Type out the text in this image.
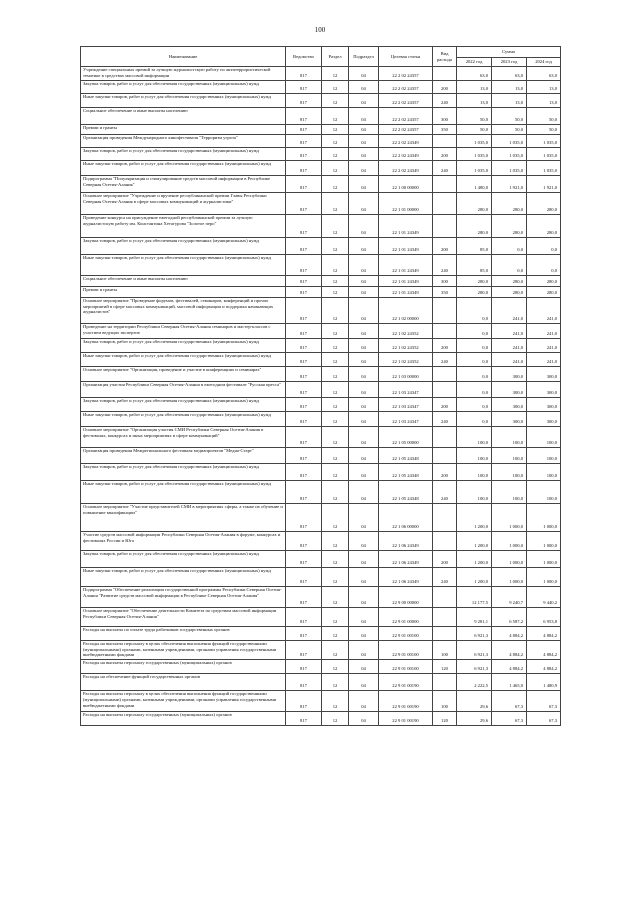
100
Наименование	Ведомство	Раздел	Подраздел	Целевая статья	Вид расхода	Сумма		
						2022 год	2023 год	2024 год
Учреждение специальных премий за лучшую журналистскую работу по антитеррористической тематике в средствах массовой информации	817	12	04	22 2 02 24357		63,0	63,0	63,0
Закупка товаров, работ и услуг для обеспечения государственных (муниципальных) нужд	817	12	04	22 2 02 24357	200	13,0	13,0	13,0
Иные закупки товаров, работ и услуг для обеспечения государственных (муниципальных) нужд	817	12	04	22 2 02 24357	240	13,0	13,0	13,0
Социальное обеспечение и иные выплаты населению	817	12	04	22 2 02 24357	300	50,0	50,0	50,0
Премии и гранты	817	12	04	22 2 02 24357	350	50,0	50,0	50,0
Организация проведения Международного кинофестиваля "Терроризм угроза"	817	12	04	22 2 02 24349		1 035,0	1 035,0	1 035,0
Закупка товаров, работ и услуг для обеспечения государственных (муниципальных) нужд	817	12	04	22 2 02 24349	200	1 035,0	1 035,0	1 035,0
Иные закупки товаров, работ и услуг для обеспечения государственных (муниципальных) нужд	817	12	04	22 2 02 24349	240	1 035,0	1 035,0	1 035,0
Подпрограмма "Популяризация и стимулирование средств массовой информации в Республике Северная Осетия-Алания"	817	12	04	22 1 00 00000		1 480,0	1 921,0	1 921,0
Основное мероприятие "Учреждение и вручение республиканской премии Главы Республики Северная Осетия-Алания в сфере массовых коммуникаций и журналистики"	817	12	04	22 1 01 00000		280,0	280,0	280,0
Проведение конкурса на присуждение ежегодной республиканской премии за лучшую журналистскую работу им. Константина Хетагурова "Золотое перо"	817	12	04	22 1 01 24349		280,0	280,0	280,0
Закупка товаров, работ и услуг для обеспечения государственных (муниципальных) нужд	817	12	04	22 1 01 24349	200	85,0	0,0	0,0
Иные закупки товаров, работ и услуг для обеспечения государственных (муниципальных) нужд	817	12	04	22 1 01 24349	240	85,0	0,0	0,0
Социальное обеспечение и иные выплаты населению	817	12	04	22 1 01 24349	300	280,0	280,0	280,0
Премии и гранты	817	12	04	22 1 01 24349	350	280,0	280,0	280,0
Основное мероприятие "Проведение форумов, фестивалей, семинаров, конференций и прочих мероприятий в сфере массовых коммуникаций, массовой информации и поддержка начинающих журналистов"	817	12	04	22 1 02 00000		0,0	241,0	241,0
Проведение на территории Республики Северная Осетия-Алания семинаров и мастер-классов с участием ведущих экспертов	817	12	04	22 1 02 24352		0,0	241,0	241,0
Закупка товаров, работ и услуг для обеспечения государственных (муниципальных) нужд	817	12	04	22 1 02 24352	200	0,0	241,0	241,0
Иные закупки товаров, работ и услуг для обеспечения государственных (муниципальных) нужд	817	12	04	22 1 02 24352	240	0,0	241,0	241,0
Основное мероприятие "Организация, проведение и участие в конференциях и семинарах"	817	12	04	22 1 03 00000		0,0	300,0	300,0
Организация участия Республики Северная Осетия-Алания в ежегодном фестивале "Русская пресса"	817	12	04	22 1 03 24347		0,0	300,0	300,0
Закупка товаров, работ и услуг для обеспечения государственных (муниципальных) нужд	817	12	04	22 1 03 24347	200	0,0	300,0	300,0
Иные закупки товаров, работ и услуг для обеспечения государственных (муниципальных) нужд	817	12	04	22 1 03 24347	240	0,0	300,0	300,0
Основное мероприятие "Организация участия СМИ Республики Северная Осетия-Алания в фестивалях, конкурсах и иных мероприятиях в сфере коммуникаций"	817	12	04	22 1 05 00000		100,0	100,0	100,0
Организация проведения Межрегионального фестиваля медиапроектов "Медиа-Старт"	817	12	04	22 1 05 24348		100,0	100,0	100,0
Закупка товаров, работ и услуг для обеспечения государственных (муниципальных) нужд	817	12	04	22 1 05 24348	200	100,0	100,0	100,0
Иные закупки товаров, работ и услуг для обеспечения государственных (муниципальных) нужд	817	12	04	22 1 05 24348	240	100,0	100,0	100,0
Основное мероприятие "Участие представителей СМИ в мероприятиях сферы, а также их обучение и повышение квалификации"	817	12	04	22 1 06 00000		1 200,0	1 000,0	1 000,0
Участие средств массовой информации Республики Северная Осетия-Алания в форуме, конкурсах и фестивалях России и Юга	817	12	04	22 1 06 24349		1 200,0	1 000,0	1 000,0
Закупка товаров, работ и услуг для обеспечения государственных (муниципальных) нужд	817	12	04	22 1 06 24349	200	1 200,0	1 000,0	1 000,0
Иные закупки товаров, работ и услуг для обеспечения государственных (муниципальных) нужд	817	12	04	22 1 06 24349	240	1 200,0	1 000,0	1 000,0
Подпрограмма "Обеспечение реализации государственной программы Республики Северная Осетия-Алания "Развитие средств массовой информации в Республике Северная Осетия-Алания"	817	12	04	22 9 00 00000		12 177,5	9 240,7	9 440,2
Основное мероприятие "Обеспечение деятельности Комитета по средствам массовой информации Республики Северная Осетия-Алания"	817	12	04	22 9 01 00000		9 281,1	6 587,2	6 953,8
Расходы на выплаты по оплате труда работников государственных органов	817	12	04	22 9 01 00100		6 921,3	4 884,2	4 884,2
Расходы на выплаты персоналу в целях обеспечения выполнения функций государственными (муниципальными) органами, казенными учреждениями, органами управления государственными внебюджетными фондами	817	12	04	22 9 01 00100	100	6 921,3	4 884,2	4 884,2
Расходы на выплаты персоналу государственных (муниципальных) органов	817	12	04	22 9 01 00100	120	6 921,3	4 884,2	4 884,2
Расходы на обеспечение функций государственных органов	817	12	04	22 9 01 00190		2 222,5	1 465,0	1 480,9
Расходы на выплаты персоналу в целях обеспечения выполнения функций государственными (муниципальными) органами, казенными учреждениями, органами управления государственными внебюджетными фондами	817	12	04	22 9 01 00190	100	29,6	67,3	67,3
Расходы на выплаты персоналу государственных (муниципальных) органов	817	12	04	22 9 01 00190	120	29,6	67,3	67,3
